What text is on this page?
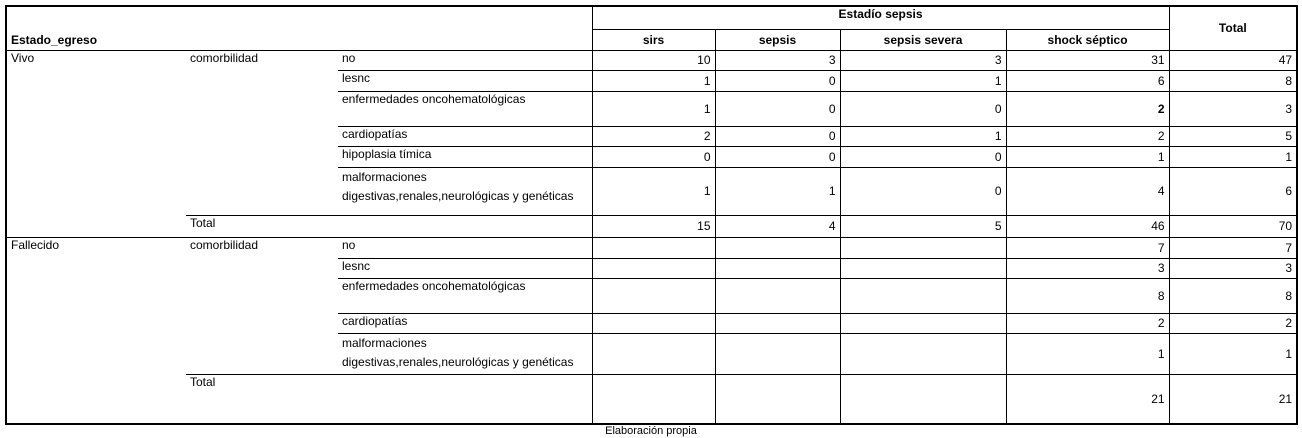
Estado_egreso			Estadío sepsis				Total
			sirs	sepsis	sepsis severa	shock séptico	
Vivo	comorbilidad	no	10	3	3	31	47
		lesnc	1	0	1	6	8
		enfermedades oncohematológicas	1	0	0	2	3
		cardiopatías	2	0	1	2	5
		hipoplasia tímica	0	0	0	1	1
		malformaciones digestivas,renales,neurológicas y genéticas	1	1	0	4	6
	Total		15	4	5	46	70
Fallecido	comorbilidad	no				7	7
		lesnc				3	3
		enfermedades oncohematológicas				8	8
		cardiopatías				2	2
		malformaciones digestivas,renales,neurológicas y genéticas				1	1
	Total					21	21
Elaboración propia
